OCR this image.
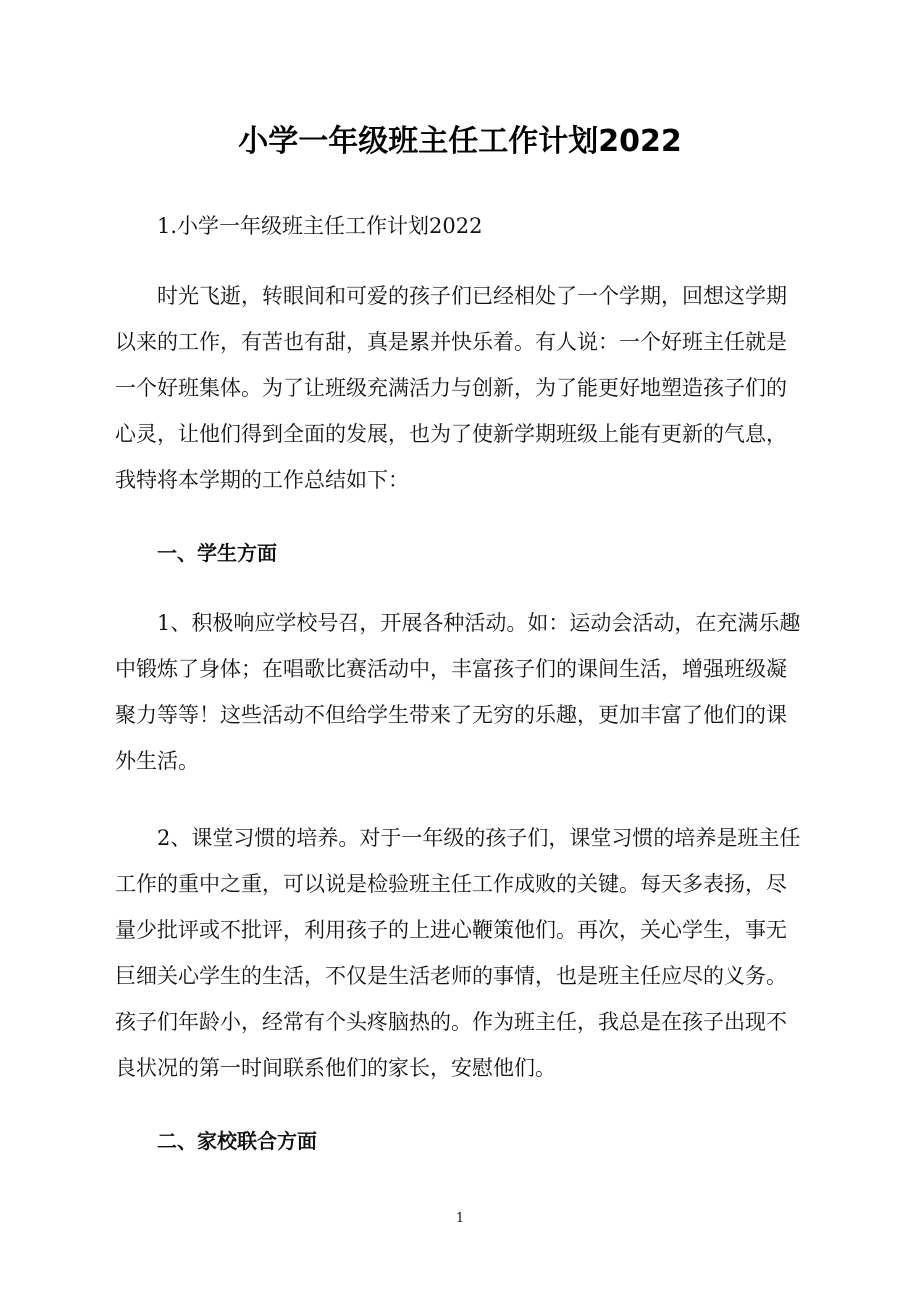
小学一年级班主任工作计划2022
1.小学一年级班主任工作计划2022

时光飞逝，转眼间和可爱的孩子们已经相处了一个学期，回想这学期以来的工作，有苦也有甜，真是累并快乐着。有人说：一个好班主任就是一个好班集体。为了让班级充满活力与创新，为了能更好地塑造孩子们的心灵，让他们得到全面的发展，也为了使新学期班级上能有更新的气息，我特将本学期的工作总结如下：

一、学生方面

1、积极响应学校号召，开展各种活动。如：运动会活动，在充满乐趣中锻炼了身体；在唱歌比赛活动中，丰富孩子们的课间生活，增强班级凝聚力等等！这些活动不但给学生带来了无穷的乐趣，更加丰富了他们的课外生活。

2、课堂习惯的培养。对于一年级的孩子们，课堂习惯的培养是班主任工作的重中之重，可以说是检验班主任工作成败的关键。每天多表扬，尽量少批评或不批评，利用孩子的上进心鞭策他们。再次，关心学生，事无巨细关心学生的生活，不仅是生活老师的事情，也是班主任应尽的义务。孩子们年龄小，经常有个头疼脑热的。作为班主任，我总是在孩子出现不良状况的第一时间联系他们的家长，安慰他们。

二、家校联合方面
1
